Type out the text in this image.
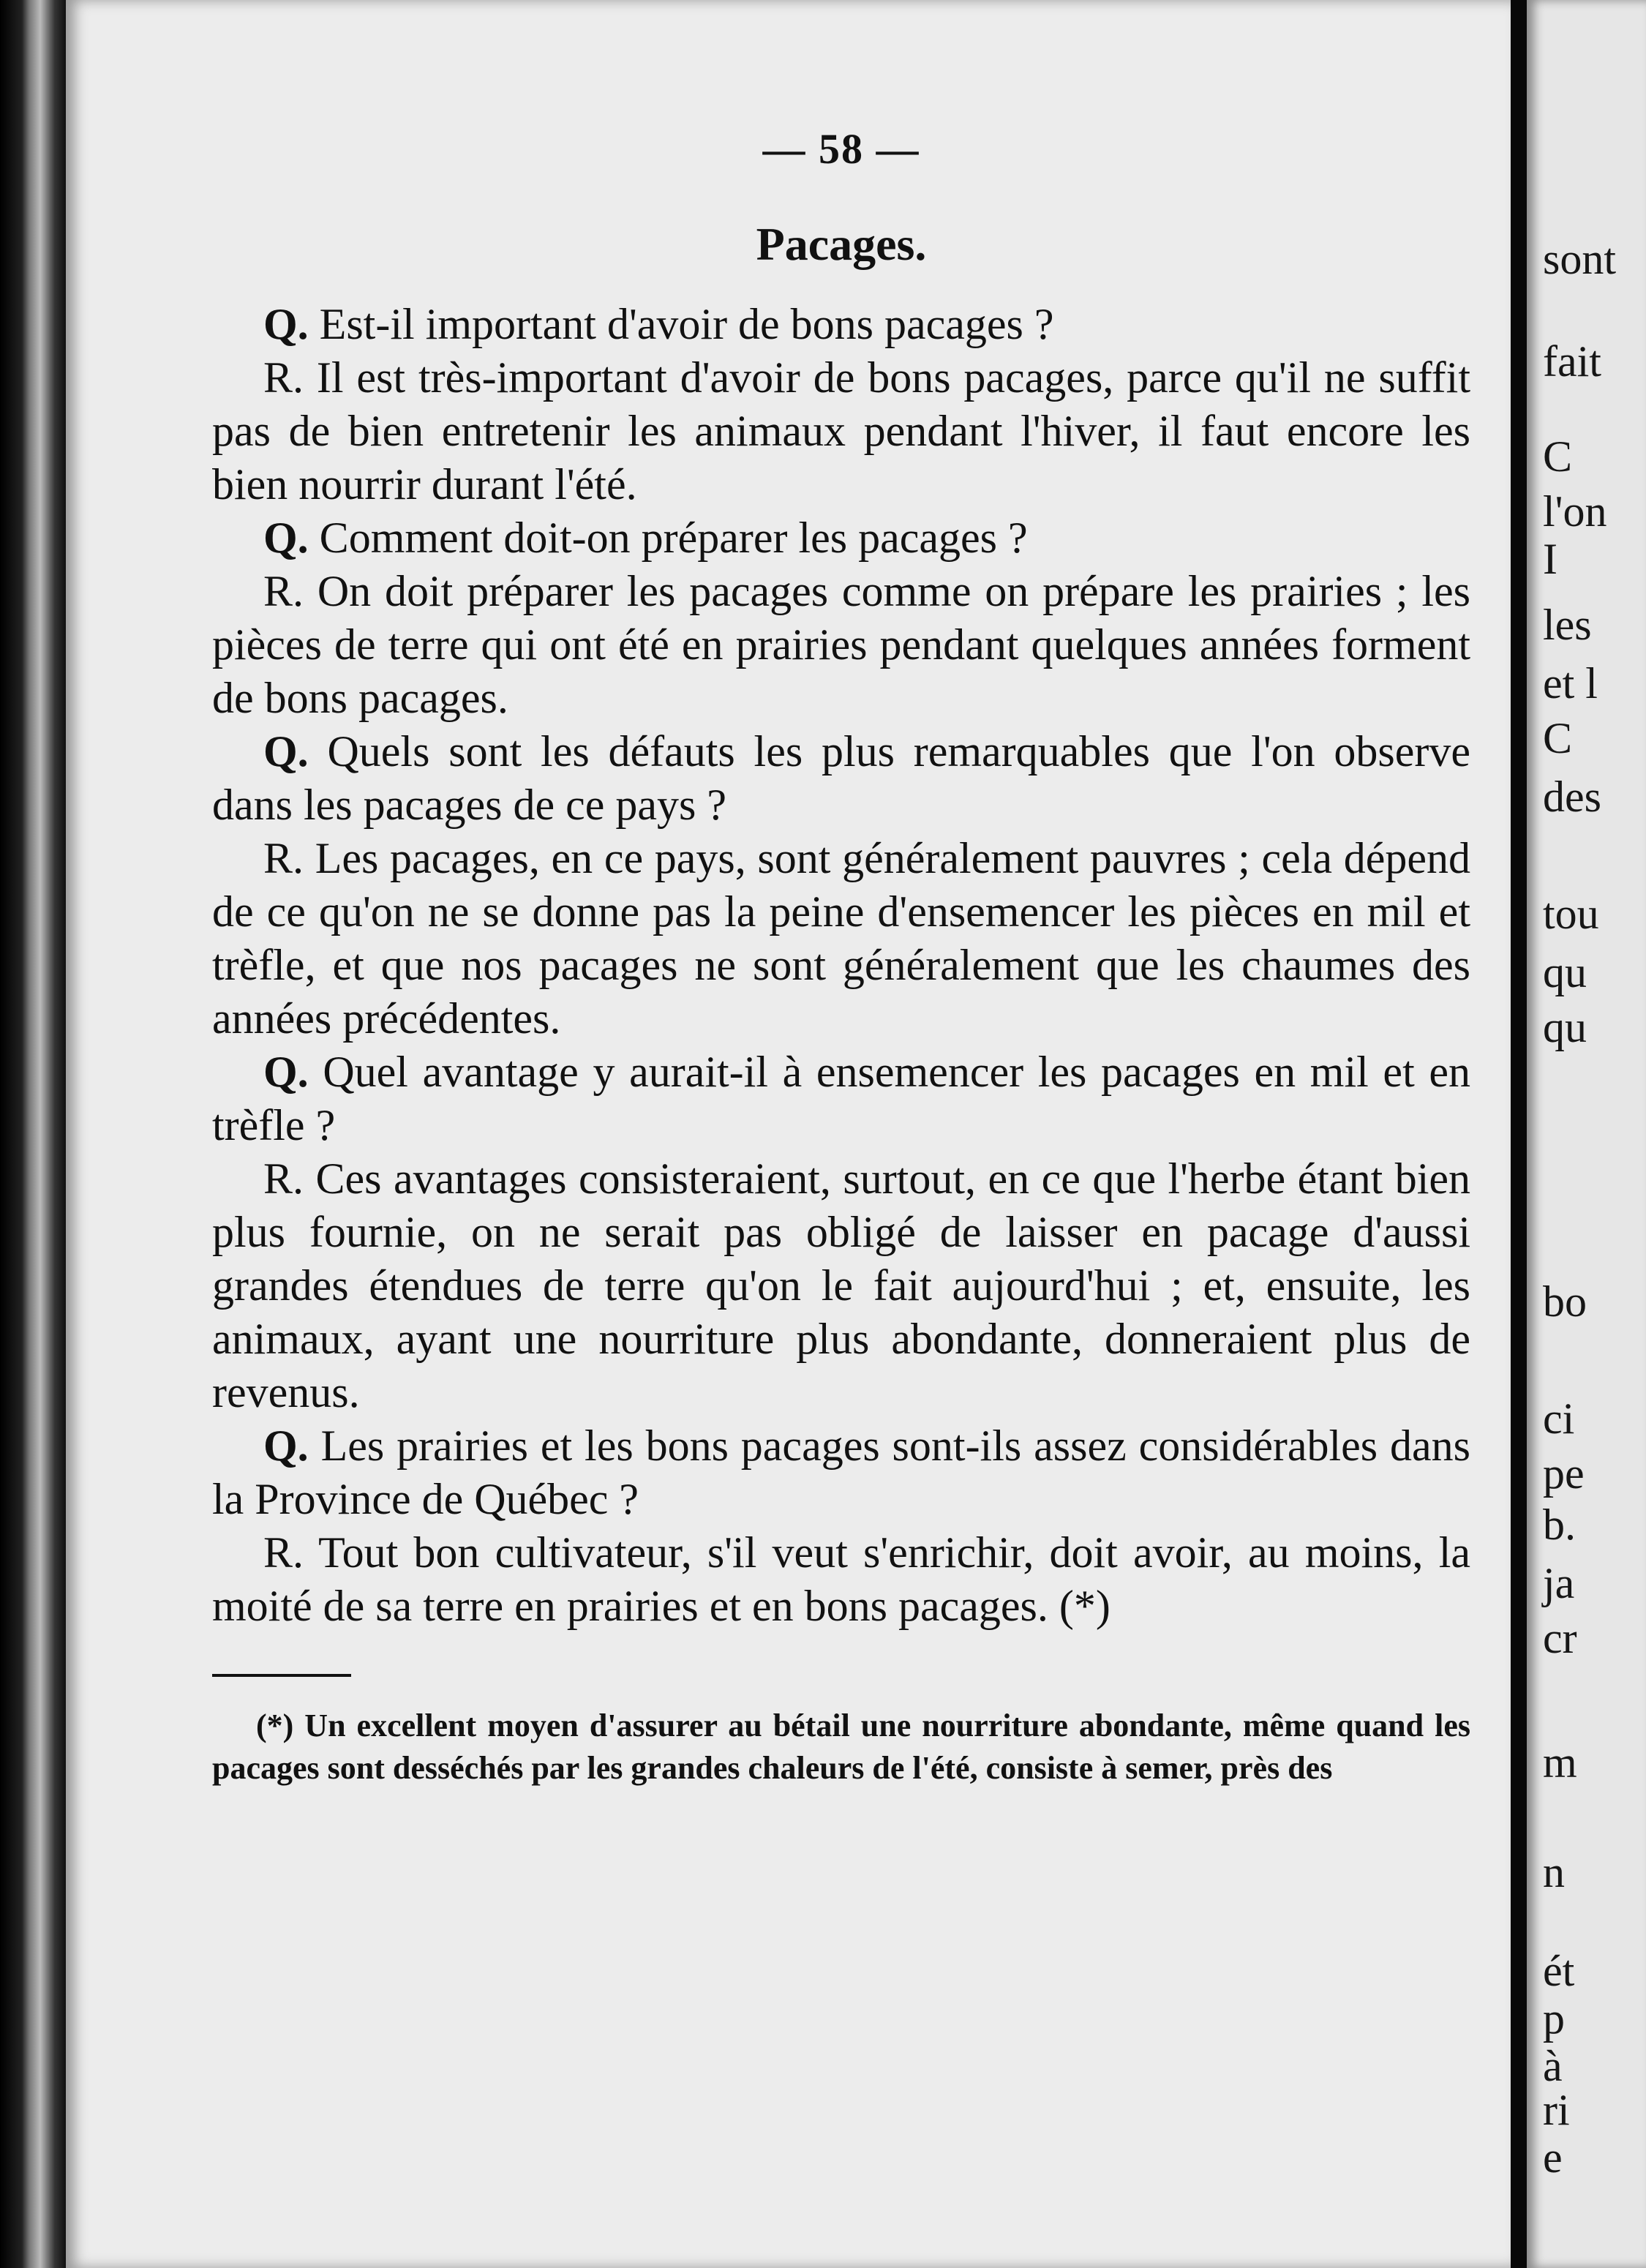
— 58 —
Pacages.

Q. Est-il important d'avoir de bons pacages ?

R. Il est très-important d'avoir de bons pacages, parce qu'il ne suffit pas de bien entretenir les animaux pendant l'hiver, il faut encore les bien nourrir durant l'été.

Q. Comment doit-on préparer les pacages ?

R. On doit préparer les pacages comme on prépare les prairies ; les pièces de terre qui ont été en prairies pendant quelques années forment de bons pacages.

Q. Quels sont les défauts les plus remarquables que l'on observe dans les pacages de ce pays ?

R. Les pacages, en ce pays, sont généralement pauvres ; cela dépend de ce qu'on ne se donne pas la peine d'ensemencer les pièces en mil et trèfle, et que nos pacages ne sont généralement que les chaumes des années précédentes.

Q. Quel avantage y aurait-il à ensemencer les pacages en mil et en trèfle ?

R. Ces avantages consisteraient, surtout, en ce que l'herbe étant bien plus fournie, on ne serait pas obligé de laisser en pacage d'aussi grandes étendues de terre qu'on le fait aujourd'hui ; et, ensuite, les animaux, ayant une nourriture plus abondante, donneraient plus de revenus.

Q. Les prairies et les bons pacages sont-ils assez considérables dans la Province de Québec ?

R. Tout bon cultivateur, s'il veut s'enrichir, doit avoir, au moins, la moité de sa terre en prairies et en bons pacages. (*)

(*) Un excellent moyen d'assurer au bétail une nourriture abondante, même quand les pacages sont desséchés par les grandes chaleurs de l'été, consiste à semer, près des

sont
fait
C
l'on
I
les
et l
C
des
tou
qu
qu
bo
ci
pe
b.
ja
cr
m
n
ét
p
à
ri
e
